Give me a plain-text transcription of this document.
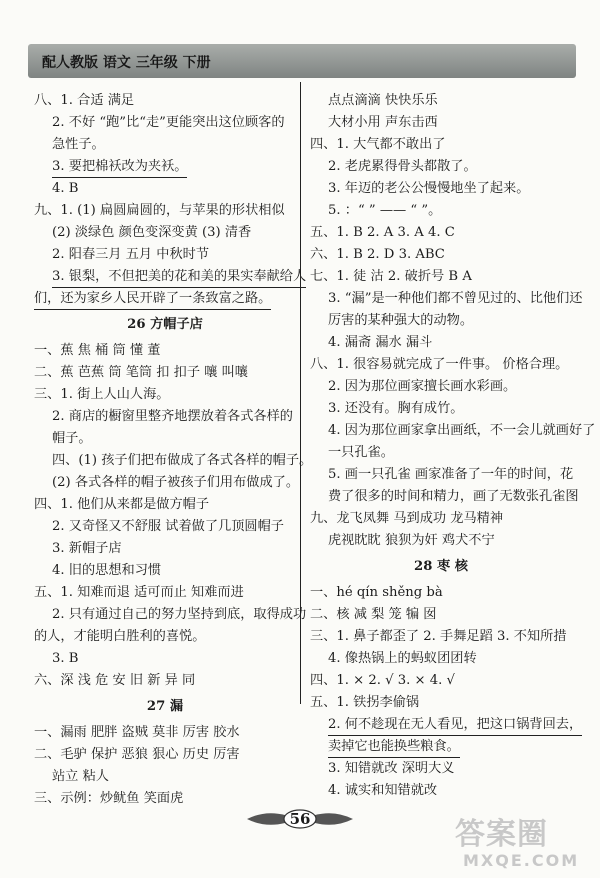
配人教版 语文 三年级 下册
八、1. 合适 满足
2. 不好 “跑”比“走”更能突出这位顾客的
急性子。
3. 要把棉袄改为夹袄。
4. B
九、1. (1) 扁圆扁圆的，与苹果的形状相似
(2) 淡绿色 颜色变深变黄 (3) 清香
2. 阳春三月 五月 中秋时节
3. 银梨，不但把美的花和美的果实奉献给人
们，还为家乡人民开辟了一条致富之路。
26 方帽子店
一、蕉 焦 桶 筒 懂 董
二、蕉 芭蕉 筒 笔筒 扣 扣子 嚷 叫嚷
三、1. 街上人山人海。
2. 商店的橱窗里整齐地摆放着各式各样的
帽子。
四、(1) 孩子们把布做成了各式各样的帽子。
(2) 各式各样的帽子被孩子们用布做成了。
四、1. 他们从来都是做方帽子
2. 又奇怪又不舒服 试着做了几顶圆帽子
3. 新帽子店
4. 旧的思想和习惯
五、1. 知难而退 适可而止 知难而进
2. 只有通过自己的努力坚持到底，取得成功
的人，才能明白胜利的喜悦。
3. B
六、深 浅 危 安 旧 新 异 同
27 漏
一、漏雨 肥胖 盗贼 莫非 厉害 胶水
二、毛驴 保护 恶狼 狠心 历史 厉害
站立 粘人
三、示例：炒鱿鱼 笑面虎
点点滴滴 快快乐乐
大材小用 声东击西
四、1. 大气都不敢出了
2. 老虎累得骨头都散了。
3. 年迈的老公公慢慢地坐了起来。
5. ：“ ” —— “ ”。
五、1. B 2. A 3. A 4. C
六、1. B 2. D 3. ABC
七、1. 徒 沽 2. 破折号 B A
3. “漏”是一种他们都不曾见过的、比他们还
厉害的某种强大的动物。
4. 漏斋 漏水 漏斗
八、1. 很容易就完成了一件事。 价格合理。
2. 因为那位画家擅长画水彩画。
3. 还没有。胸有成竹。
4. 因为那位画家拿出画纸，不一会儿就画好了
一只孔雀。
5. 画一只孔雀 画家准备了一年的时间，花
费了很多的时间和精力，画了无数张孔雀图
九、龙飞凤舞 马到成功 龙马精神
虎视眈眈 狼狈为奸 鸡犬不宁
28 枣 核
一、hé qín shěng bà
二、核 减 梨 笼 犏 囡
三、1. 鼻子都歪了 2. 手舞足蹈 3. 不知所措
4. 像热锅上的蚂蚁团团转
四、1. × 2. √ 3. × 4. √
五、1. 铁拐李偷锅
2. 何不趁现在无人看见，把这口锅背回去，
卖掉它也能换些粮食。
3. 知错就改 深明大义
4. 诚实和知错就改
56	答案圈
MXQE.COM
